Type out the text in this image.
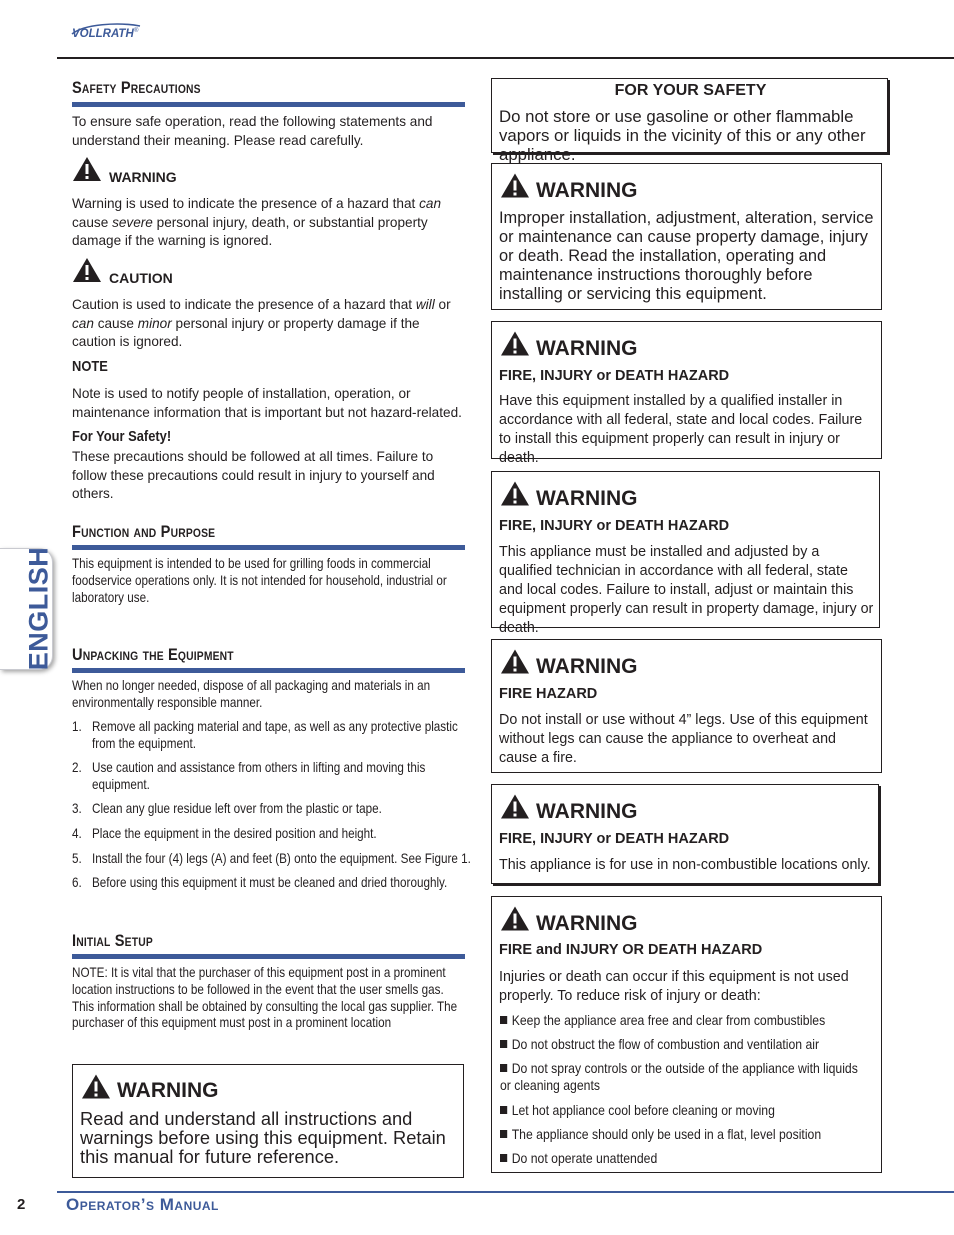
VOLLRATH ®
Safety Precautions
To ensure safe operation, read the following statements and understand their meaning. Please read carefully.
WARNING
Warning is used to indicate the presence of a hazard that can cause severe personal injury, death, or substantial property damage if the warning is ignored.
CAUTION
Caution is used to indicate the presence of a hazard that will or can cause minor personal injury or property damage if the caution is ignored.
NOTE
Note is used to notify people of installation, operation, or maintenance information that is important but not hazard-related.
For Your Safety!
These precautions should be followed at all times. Failure to follow these precautions could result in injury to yourself and others.
Function and Purpose
This equipment is intended to be used for grilling foods in commercial foodservice operations only. It is not intended for household, industrial or laboratory use.
Unpacking the Equipment
When no longer needed, dispose of all packaging and materials in an environmentally responsible manner.
1. Remove all packing material and tape, as well as any protective plastic from the equipment.
2. Use caution and assistance from others in lifting and moving this equipment.
3. Clean any glue residue left over from the plastic or tape.
4. Place the equipment in the desired position and height.
5. Install the four (4) legs (A) and feet (B) onto the equipment. See Figure 1.
6. Before using this equipment it must be cleaned and dried thoroughly.
Initial Setup
NOTE: It is vital that the purchaser of this equipment post in a prominent location instructions to be followed in the event that the user smells gas. This information shall be obtained by consulting the local gas supplier. The purchaser of this equipment must post in a prominent location
WARNING
Read and understand all instructions and warnings before using this equipment. Retain this manual for future reference.
FOR YOUR SAFETY
Do not store or use gasoline or other flammable vapors or liquids in the vicinity of this or any other appliance.
WARNING
Improper installation, adjustment, alteration, service or maintenance can cause property damage, injury or death. Read the installation, operating and maintenance instructions thoroughly before installing or servicing this equipment.
WARNING
FIRE, INJURY or DEATH HAZARD
Have this equipment installed by a qualified installer in accordance with all federal, state and local codes. Failure to install this equipment properly can result in injury or death.
WARNING
FIRE, INJURY or DEATH HAZARD
This appliance must be installed and adjusted by a qualified technician in accordance with all federal, state and local codes. Failure to install, adjust or maintain this equipment properly can result in property damage, injury or death.
WARNING
FIRE HAZARD
Do not install or use without 4” legs. Use of this equipment without legs can cause the appliance to overheat and cause a fire.
WARNING
FIRE, INJURY or DEATH HAZARD
This appliance is for use in non-combustible locations only.
WARNING
FIRE and INJURY OR DEATH HAZARD
Injuries or death can occur if this equipment is not used properly. To reduce risk of injury or death:
Keep the appliance area free and clear from combustibles
Do not obstruct the flow of combustion and ventilation air
Do not spray controls or the outside of the appliance with liquids or cleaning agents
Let hot appliance cool before cleaning or moving
The appliance should only be used in a flat, level position
Do not operate unattended
ENGLISH
2 Operator’s Manual
